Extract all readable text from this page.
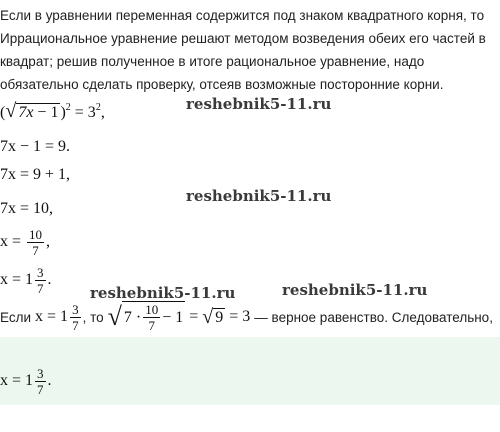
Если в уравнении переменная содержится под знаком квадратного корня, то

Иррациональное уравнение решают методом возведения обеих его частей в

квадрат; решив полученное в итоге рациональное уравнение, надо

обязательно сделать проверку, отсеяв возможные посторонние корни.

(√ 7x − 1 )$^2 = 3^2$,	reshebnik5-11.ru
7x − 1 = 9.
7x = 9 + 1,
reshebnik5-11.ru
7x = 10,
$x = \frac{10}{7}$ ,
$x = 1 \frac{3}{7}$ .
reshebnik5-11.ru	reshebnik5-11.ru
Если $x = 1 \frac{3}{7}$ , то √ $7 \cdot \frac{10}{7} - 1$ = √ 9 = 3 — верное равенство. Следовательно,
$x = 1 \frac{3}{7}$ .
